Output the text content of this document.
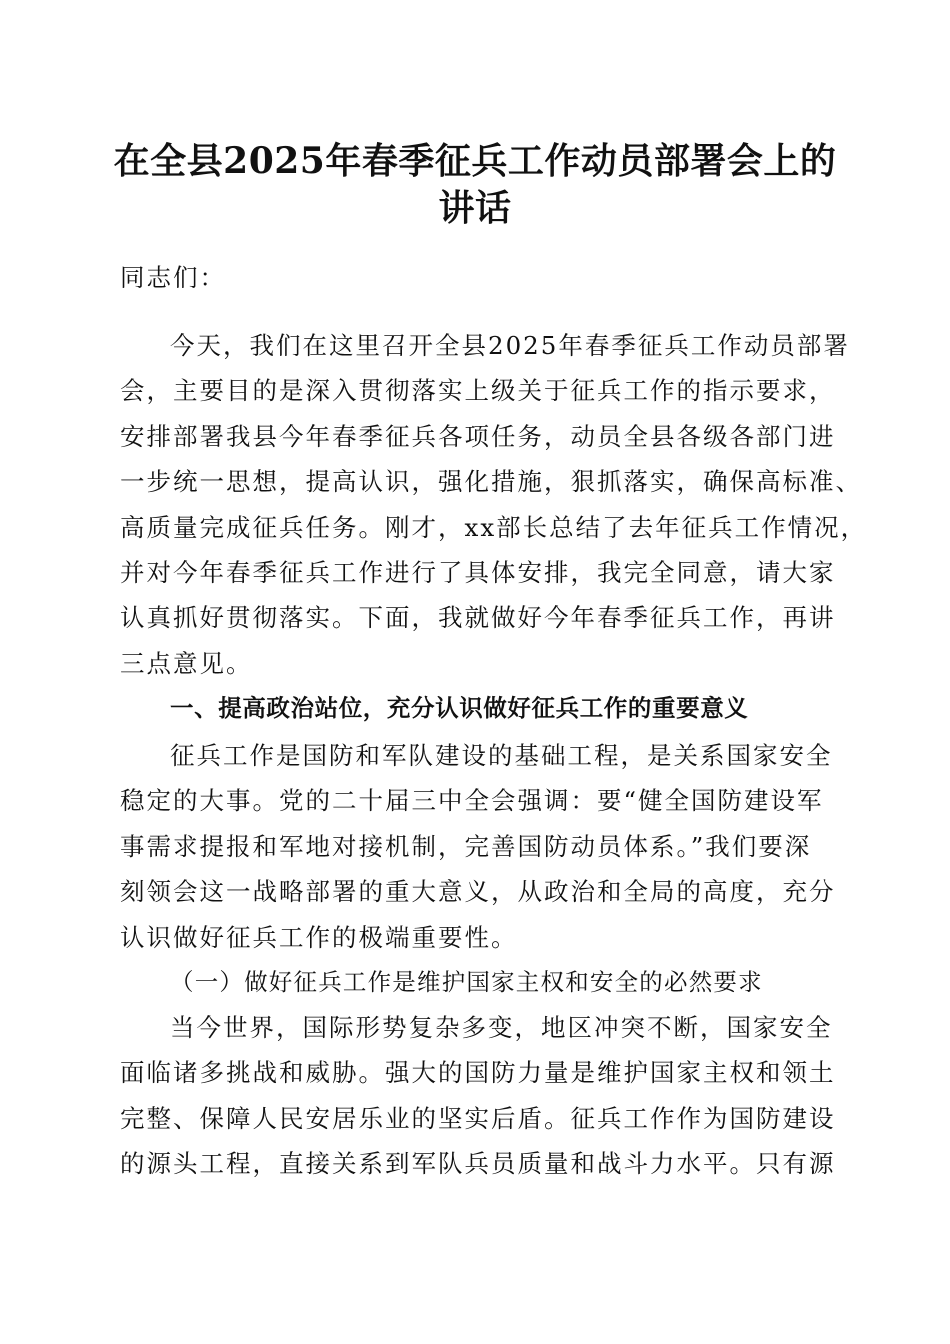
在全县2025年春季征兵工作动员部署会上的
讲话
同志们：
今天，我们在这里召开全县2025年春季征兵工作动员部署
会，主要目的是深入贯彻落实上级关于征兵工作的指示要求，
安排部署我县今年春季征兵各项任务，动员全县各级各部门进
一步统一思想，提高认识，强化措施，狠抓落实，确保高标准、
高质量完成征兵任务。刚才，xx部长总结了去年征兵工作情况，
并对今年春季征兵工作进行了具体安排，我完全同意，请大家
认真抓好贯彻落实。下面，我就做好今年春季征兵工作，再讲
三点意见。
一、提高政治站位，充分认识做好征兵工作的重要意义
征兵工作是国防和军队建设的基础工程，是关系国家安全
稳定的大事。党的二十届三中全会强调：要“健全国防建设军
事需求提报和军地对接机制，完善国防动员体系。”我们要深
刻领会这一战略部署的重大意义，从政治和全局的高度，充分
认识做好征兵工作的极端重要性。
（一）做好征兵工作是维护国家主权和安全的必然要求
当今世界，国际形势复杂多变，地区冲突不断，国家安全
面临诸多挑战和威胁。强大的国防力量是维护国家主权和领土
完整、保障人民安居乐业的坚实后盾。征兵工作作为国防建设
的源头工程，直接关系到军队兵员质量和战斗力水平。只有源
